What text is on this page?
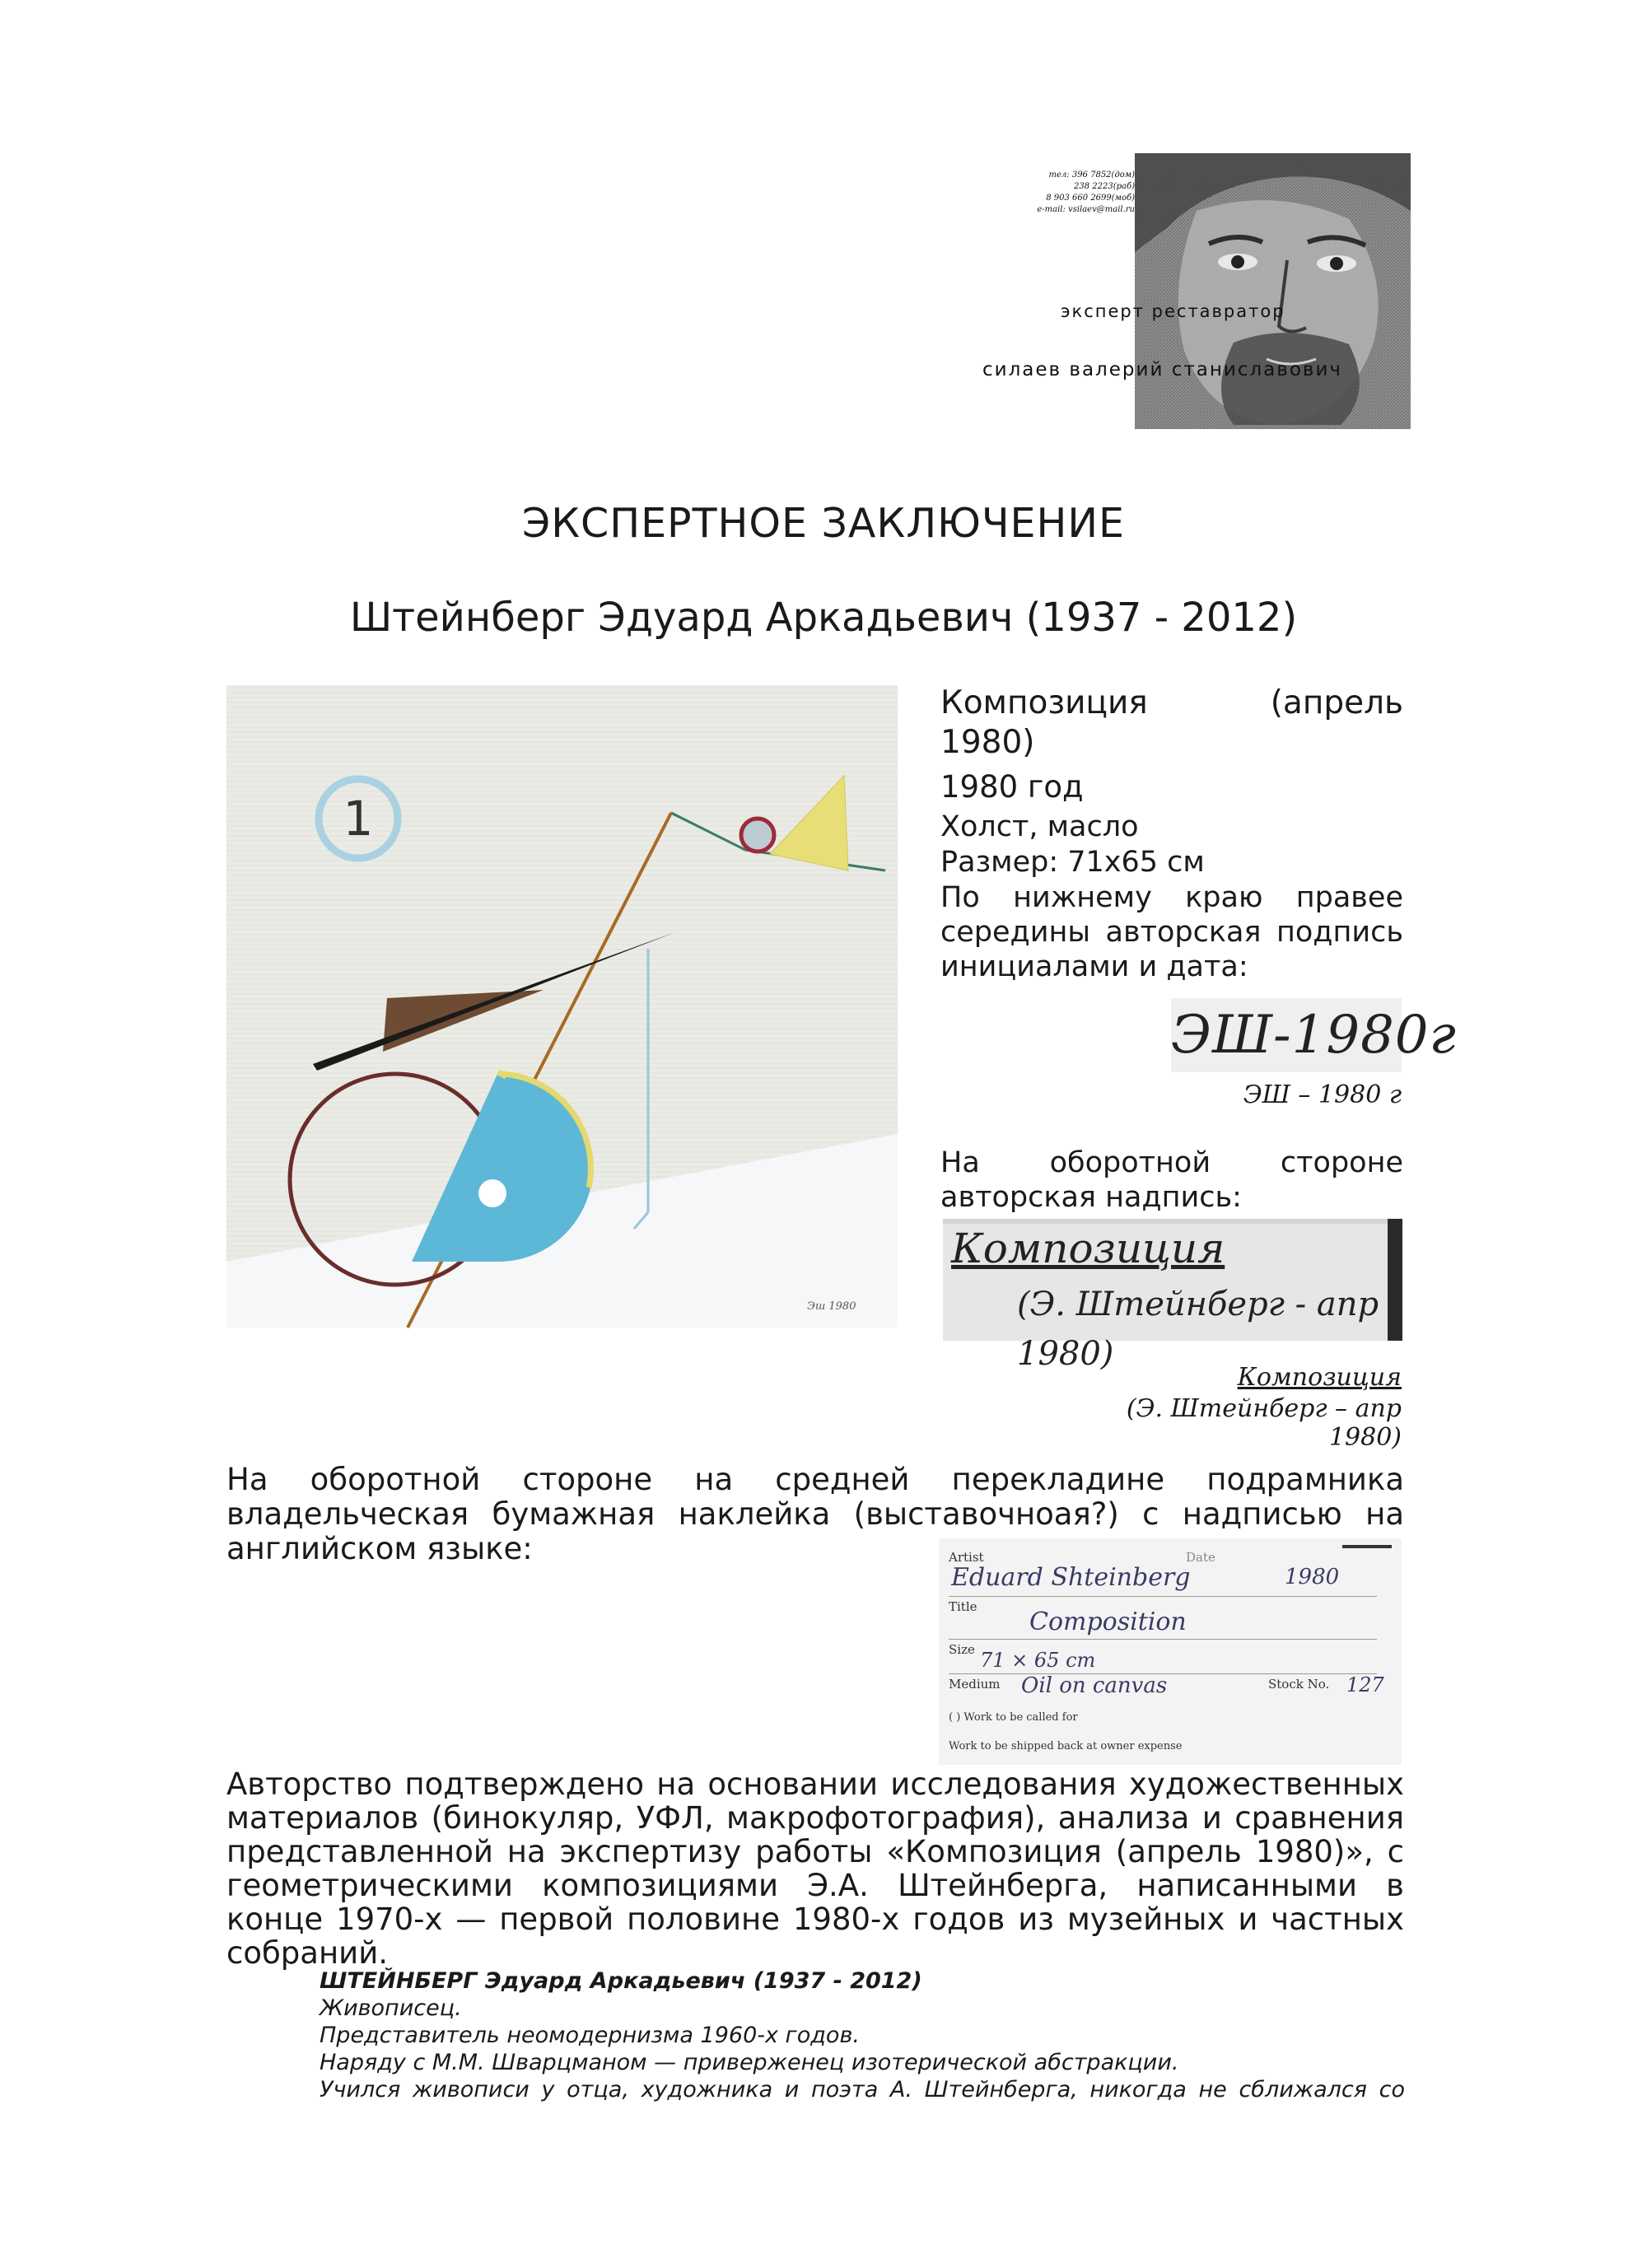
тел: 396 7852(дом)
238 2223(раб)
8 903 660 2699(моб)
e-mail: vsilaev@mail.ru
эксперт реставратор
силаев валерий станиславович
ЭКСПЕРТНОЕ ЗАКЛЮЧЕНИЕ
Штейнберг Эдуард Аркадьевич (1937 - 2012)
1
Эш 1980
Композиция (апрель
1980)
1980 год
Холст, масло
Размер: 71х65 см
По нижнему краю правее
середины авторская подпись
инициалами и дата:
ЭШ-1980г
ЭШ – 1980 г
На оборотной стороне
авторская надпись:
Композиция
(Э. Штейнберг - апр 1980)
Композиция
(Э. Штейнберг – апр 1980)
На оборотной стороне на средней перекладине подрамника владельческая бумажная наклейка (выставочноая?) с надписью на английском языке:	Artist	Date
Eduard Shteinberg	1980
Title
Composition
Size 71 × 65 cm
Medium Oil on canvas	Stock No. 127
( ) Work to be called for
Work to be shipped back at owner expense
Авторство подтверждено на основании исследования художественных материалов (бинокуляр, УФЛ, макрофотография), анализа и сравнения представленной на экспертизу работы «Композиция (апрель 1980)», с геометрическими композициями Э.А. Штейнберга, написанными в конце 1970-х — первой половине 1980-х годов из музейных и частных собраний.
ШТЕЙНБЕРГ Эдуард Аркадьевич (1937 - 2012)
Живописец.
Представитель неомодернизма 1960-х годов.
Наряду с М.М. Шварцманом — приверженец изотерической абстракции.
Учился живописи у отца, художника и поэта А. Штейнберга, никогда не сближался со
